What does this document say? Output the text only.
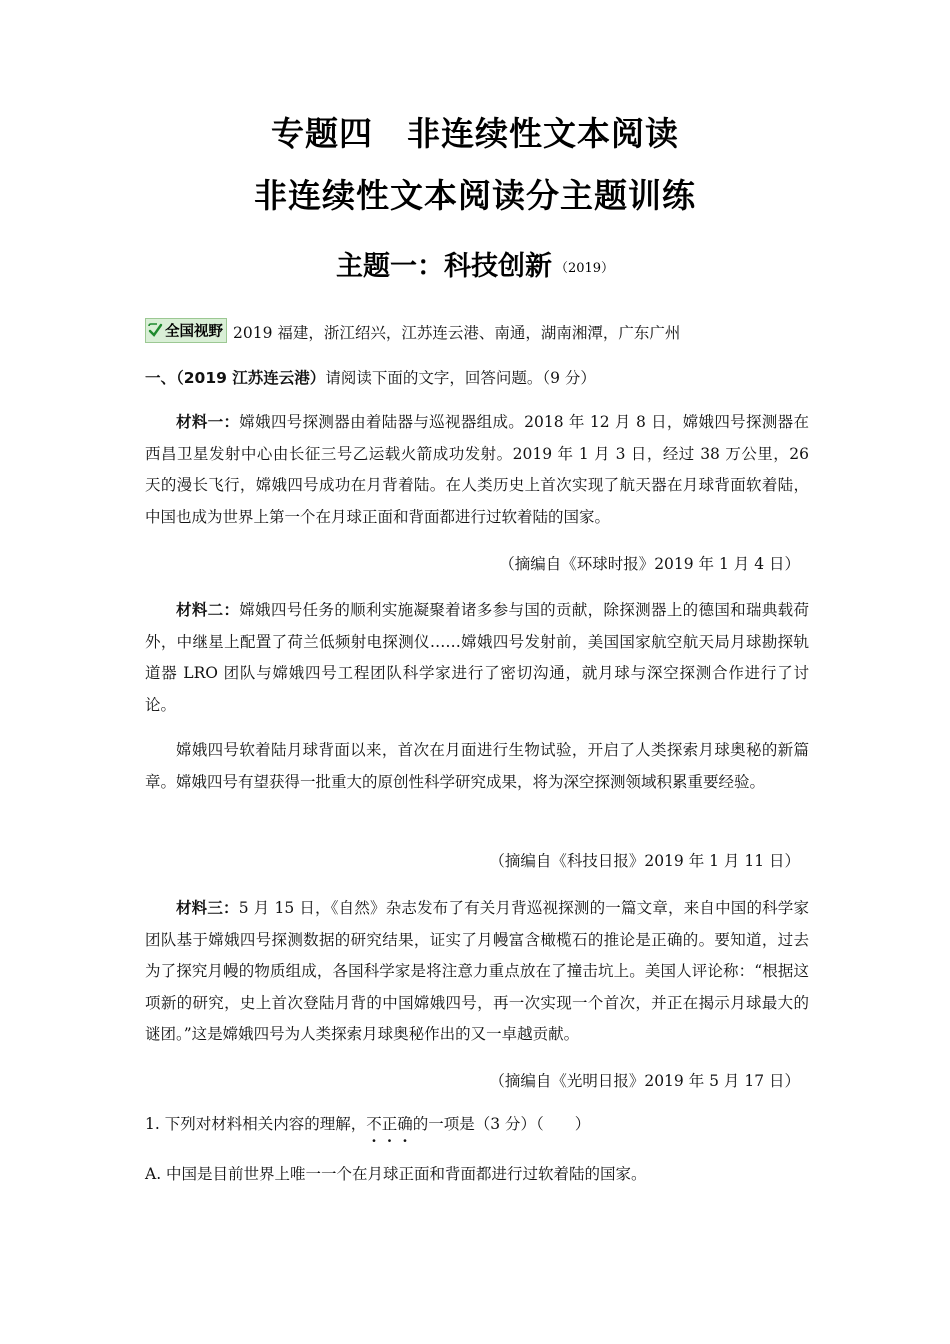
专题四　非连续性文本阅读
非连续性文本阅读分主题训练
主题一：科技创新 （2019）
全国视野 2019 福建，浙江绍兴，江苏连云港、南通，湖南湘潭，广东广州
一、（2019 江苏连云港）请阅读下面的文字，回答问题。（9 分）

材料一：嫦娥四号探测器由着陆器与巡视器组成。2018 年 12 月 8 日，嫦娥四号探测器在西昌卫星发射中心由长征三号乙运载火箭成功发射。2019 年 1 月 3 日，经过 38 万公里，26　天的漫长飞行，嫦娥四号成功在月背着陆。在人类历史上首次实现了航天器在月球背面软着陆，中国也成为世界上第一个在月球正面和背面都进行过软着陆的国家。

（摘编自《环球时报》2019 年 1 月 4 日）

材料二：嫦娥四号任务的顺利实施凝聚着诸多参与国的贡献，除探测器上的德国和瑞典载荷外，中继星上配置了荷兰低频射电探测仪……嫦娥四号发射前，美国国家航空航天局月球勘探轨道器 LRO 团队与嫦娥四号工程团队科学家进行了密切沟通，就月球与深空探测合作进行了讨论。

嫦娥四号软着陆月球背面以来，首次在月面进行生物试验，开启了人类探索月球奥秘的新篇章。嫦娥四号有望获得一批重大的原创性科学研究成果，将为深空探测领域积累重要经验。

（摘编自《科技日报》2019 年 1 月 11 日）

材料三：5 月 15 日，《自然》杂志发布了有关月背巡视探测的一篇文章，来自中国的科学家团队基于嫦娥四号探测数据的研究结果，证实了月幔富含橄榄石的推论是正确的。要知道，过去为了探究月幔的物质组成，各国科学家是将注意力重点放在了撞击坑上。美国人评论称：“根据这项新的研究，史上首次登陆月背的中国嫦娥四号，再一次实现一个首次，并正在揭示月球最大的谜团。”这是嫦娥四号为人类探索月球奥秘作出的又一卓越贡献。

（摘编自《光明日报》2019 年 5 月 17 日）
1. 下列对材料相关内容的理解，不正确的一项是（3 分）（　　）
A. 中国是目前世界上唯一一个在月球正面和背面都进行过软着陆的国家。
